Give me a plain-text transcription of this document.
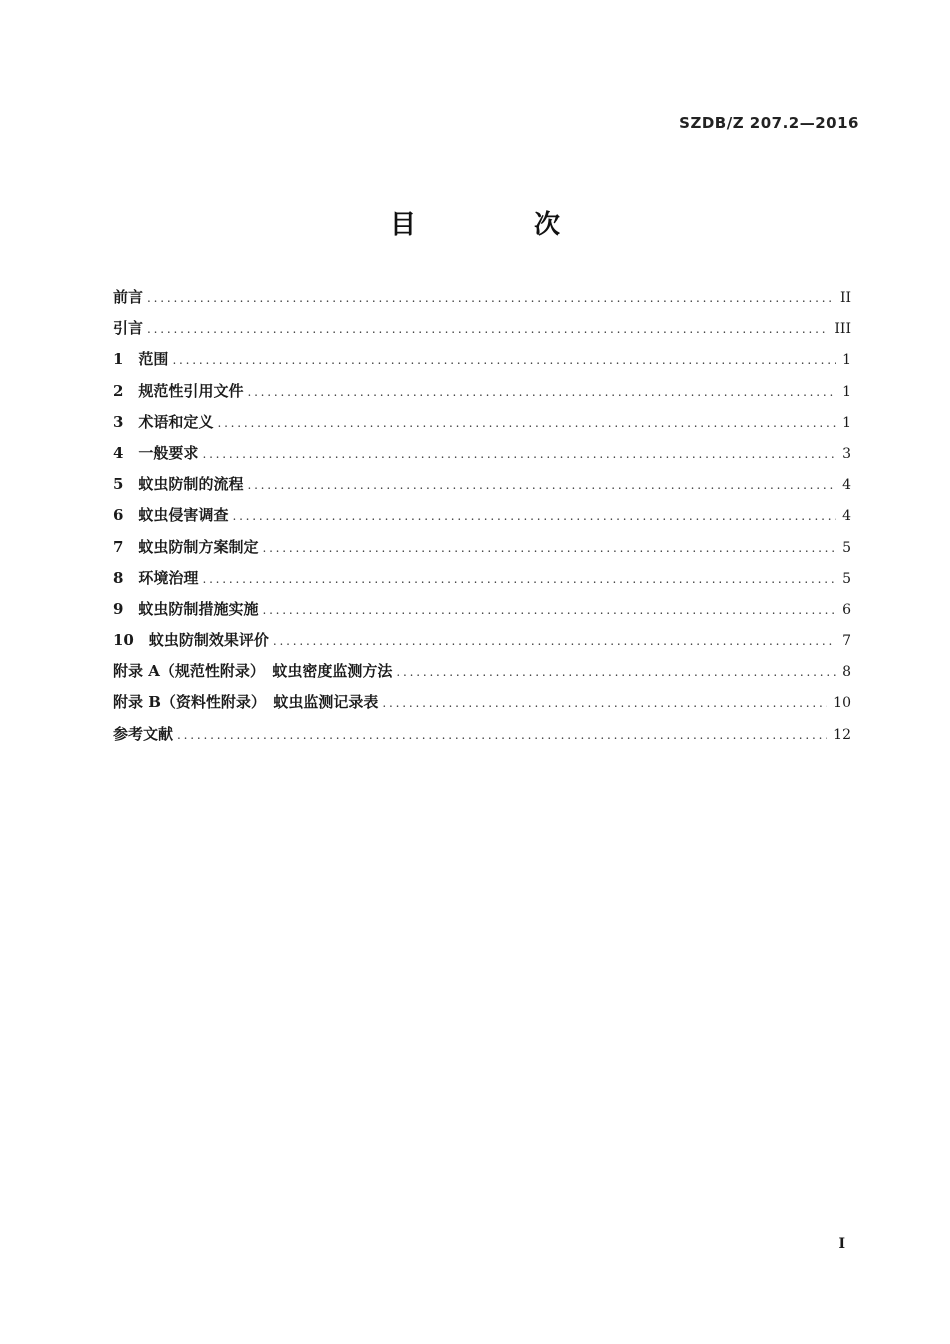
SZDB/Z 207.2—2016
目　次
前言 .....	II
引言 .....	III
1　范围 .....	1
2　规范性引用文件 .....	1
3　术语和定义 .....	1
4　一般要求 .....	3
5　蚊虫防制的流程 .....	4
6　蚊虫侵害调查 .....	4
7　蚊虫防制方案制定 .....	5
8　环境治理 .....	5
9　蚊虫防制措施实施 .....	6
10　蚊虫防制效果评价 .....	7
附录 A（规范性附录）　蚊虫密度监测方法 .....	8
附录 B（资料性附录）　蚊虫监测记录表 .....	10
参考文献 .....	12
I
